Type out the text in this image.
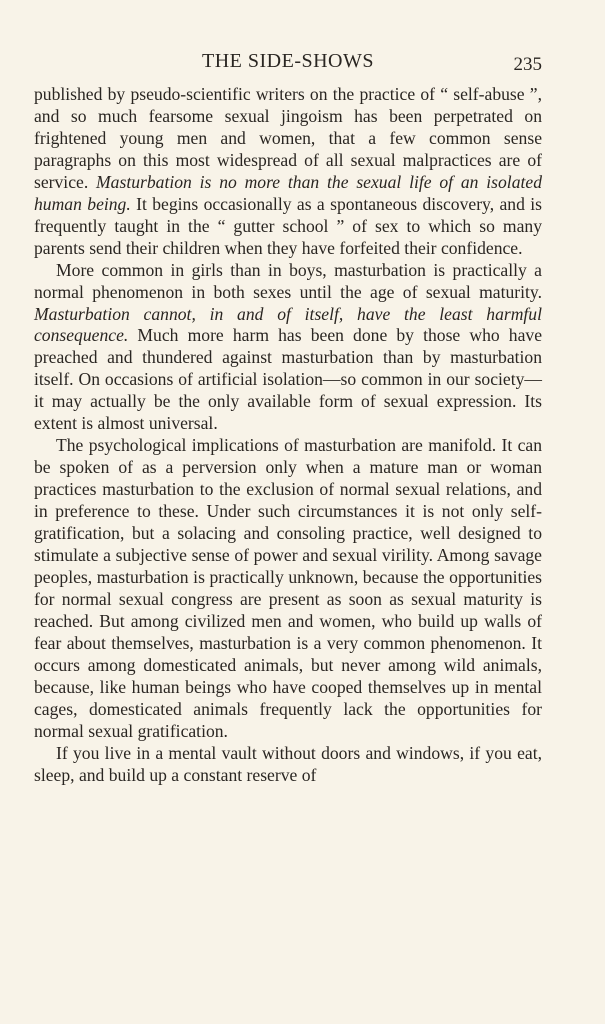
THE SIDE-SHOWS	235

published by pseudo-scientific writers on the practice of “ self-abuse ”, and so much fearsome sexual jingoism has been perpetrated on frightened young men and women, that a few common sense paragraphs on this most widespread of all sexual malpractices are of service. Masturbation is no more than the sexual life of an isolated human being. It begins occasionally as a spontaneous discovery, and is frequently taught in the “ gutter school ” of sex to which so many parents send their children when they have forfeited their confidence.

More common in girls than in boys, masturbation is practically a normal phenomenon in both sexes until the age of sexual maturity. Masturbation cannot, in and of itself, have the least harmful consequence. Much more harm has been done by those who have preached and thundered against masturbation than by masturbation itself. On occasions of artificial isolation—so common in our society—it may actually be the only available form of sexual expression. Its extent is almost universal.

The psychological implications of masturbation are manifold. It can be spoken of as a perversion only when a mature man or woman practices masturbation to the exclusion of normal sexual relations, and in preference to these. Under such circumstances it is not only self-gratification, but a solacing and consoling practice, well designed to stimulate a subjective sense of power and sexual virility. Among savage peoples, masturbation is practically unknown, because the opportunities for normal sexual congress are present as soon as sexual maturity is reached. But among civilized men and women, who build up walls of fear about themselves, masturbation is a very common phenomenon. It occurs among domesticated animals, but never among wild animals, because, like human beings who have cooped themselves up in mental cages, domesticated animals frequently lack the opportunities for normal sexual gratification.

If you live in a mental vault without doors and windows, if you eat, sleep, and build up a constant reserve of
